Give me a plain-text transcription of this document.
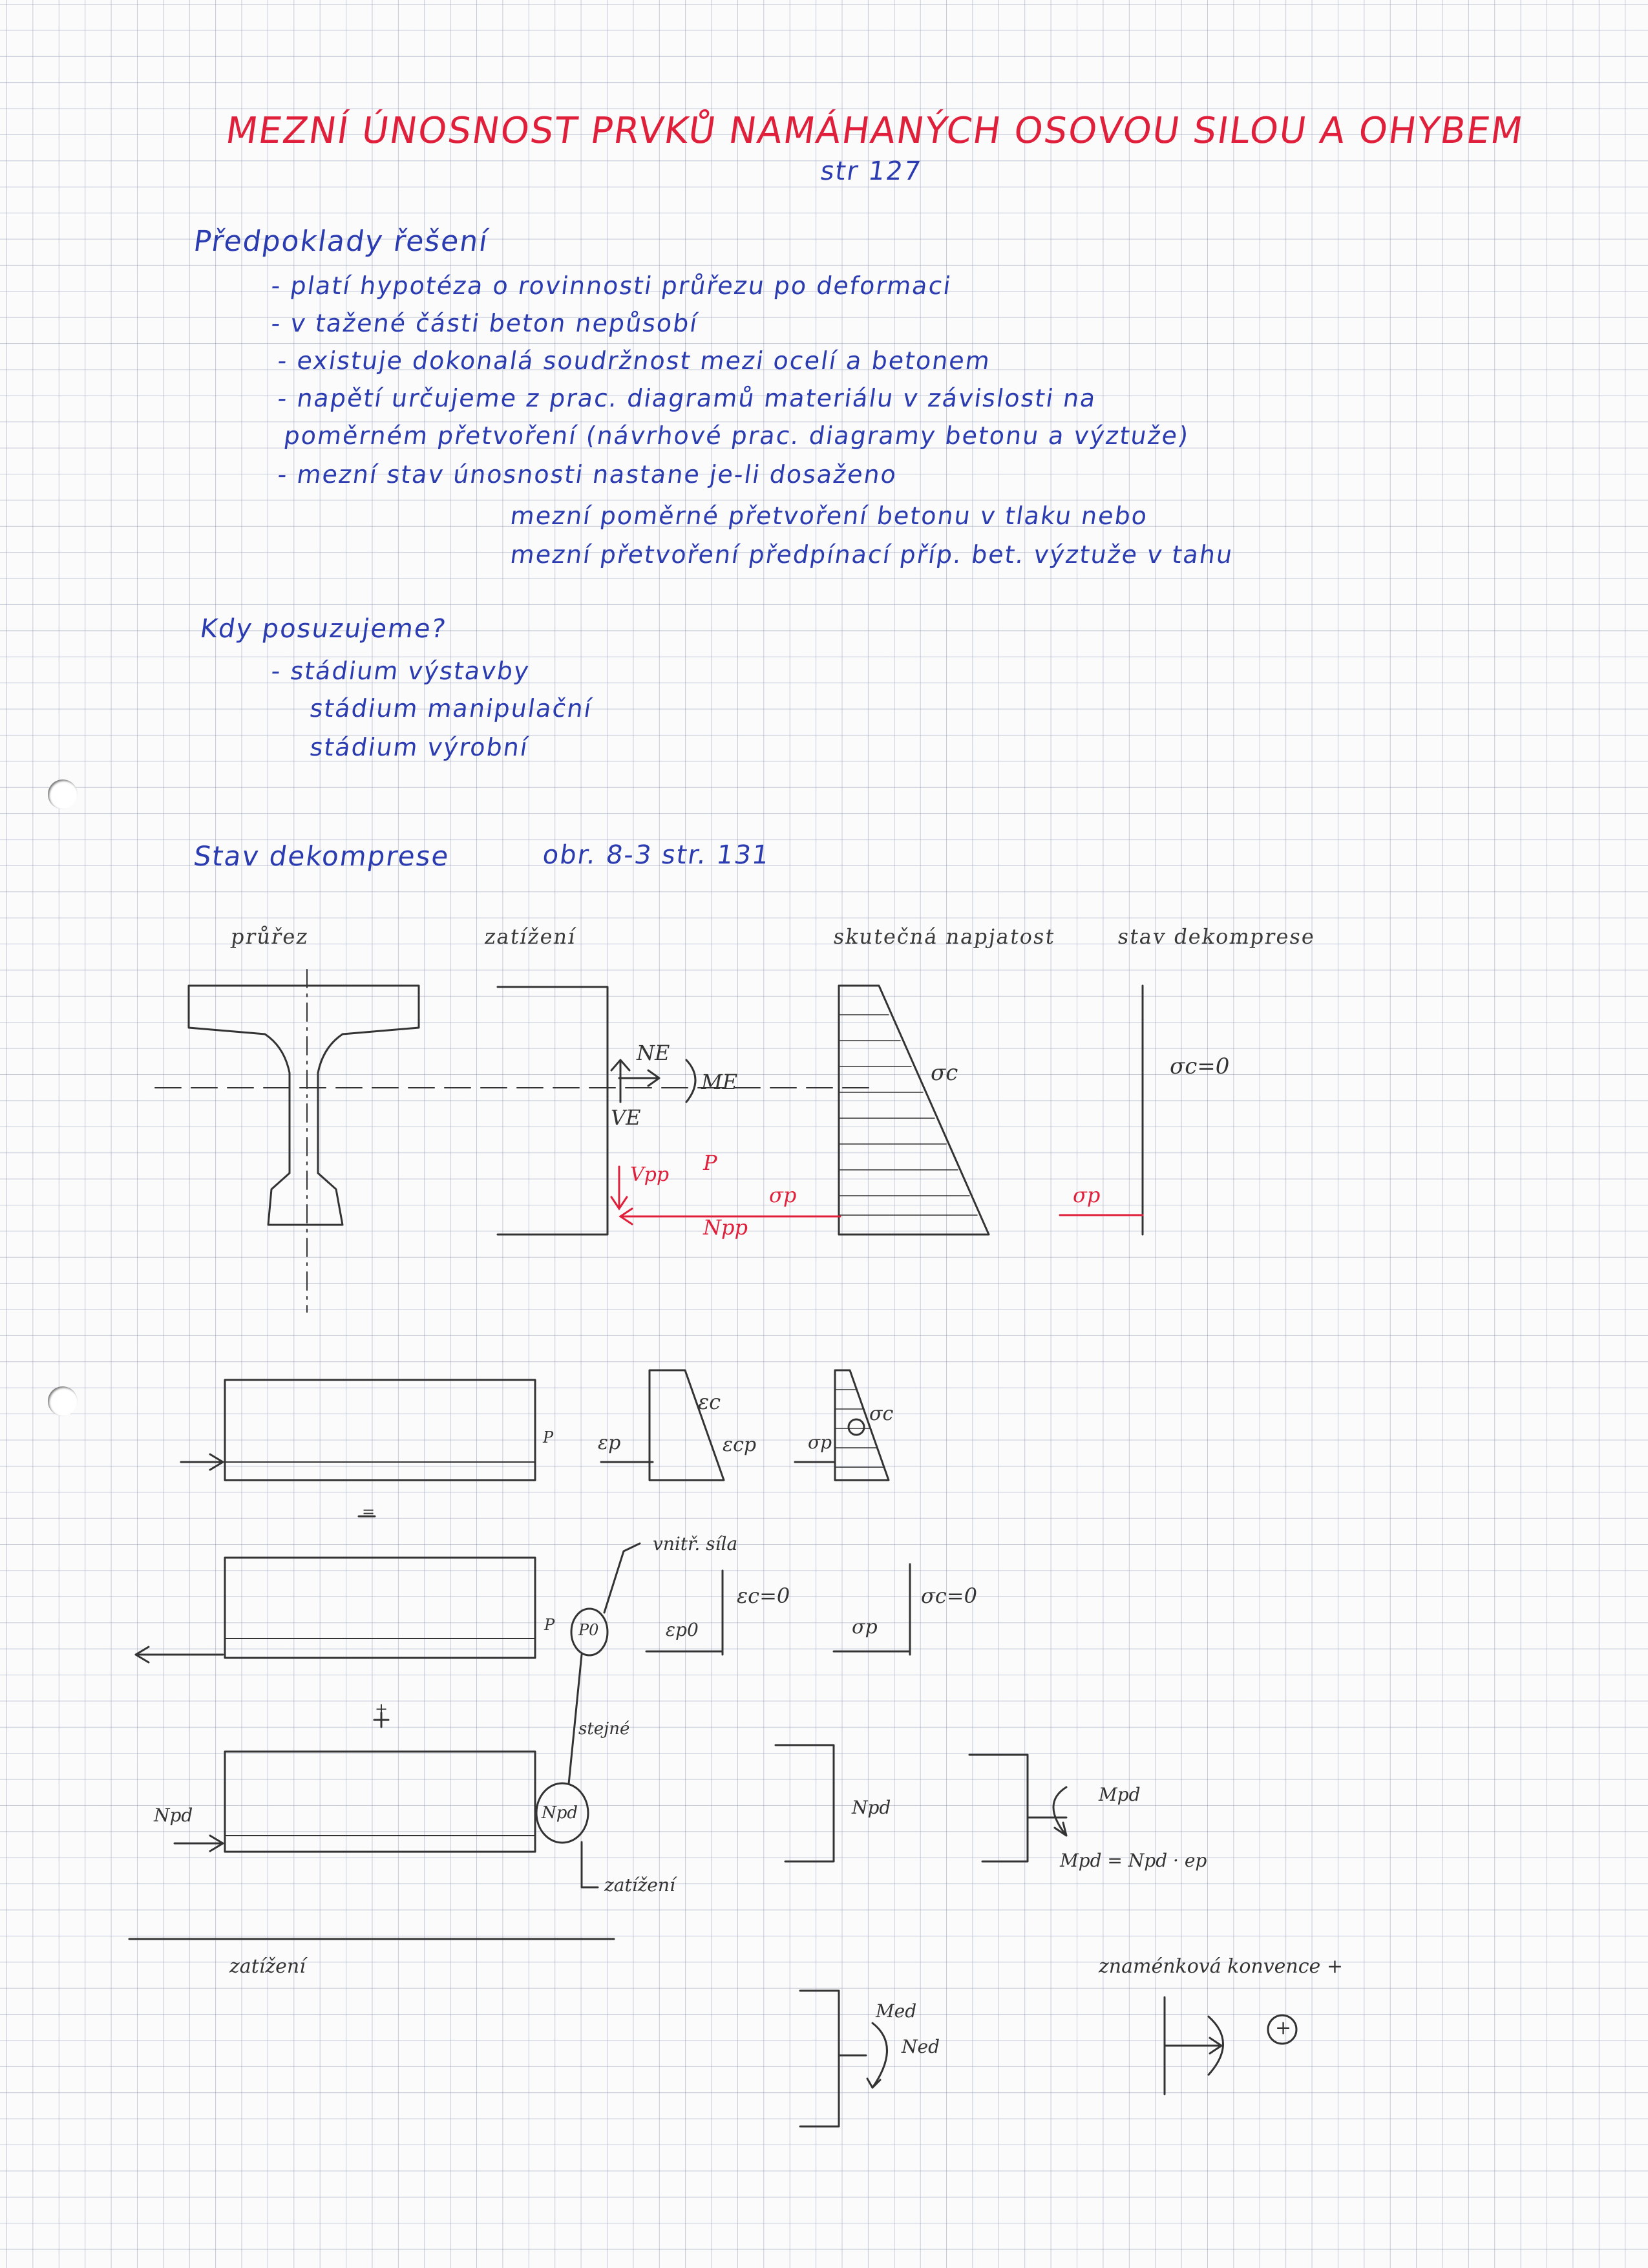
MEZNÍ ÚNOSNOST PRVKŮ NAMÁHANÝCH OSOVOU SILOU A OHYBEM
str 127
Předpoklady řešení
- platí hypotéza o rovinnosti průřezu po deformaci
- v tažené části beton nepůsobí
- existuje dokonalá soudržnost mezi ocelí a betonem
- napětí určujeme z prac. diagramů materiálu v závislosti na
poměrném přetvoření (návrhové prac. diagramy betonu a výztuže)
- mezní stav únosnosti nastane je-li dosaženo
mezní poměrné přetvoření betonu v tlaku nebo
mezní přetvoření předpínací příp. bet. výztuže v tahu
Kdy posuzujeme?
- stádium výstavby
stádium manipulační
stádium výrobní
Stav dekomprese	obr. 8-3 str. 131
průřez	zatížení	skutečná napjatost	stav dekomprese
NE
ME
VE
Vpp P
σp
Npp
σc	σc=0
σp
εc
εcp
εp	σp
σc
P
=
vnitř. síla
εc=0
εp0	σp
σc=0
P P0
+
stejné
Npd	Npd	Npd
Mpd
Mpd = Npd · ep
zatížení
zatížení	znaménková konvence +
Med
Ned
+
